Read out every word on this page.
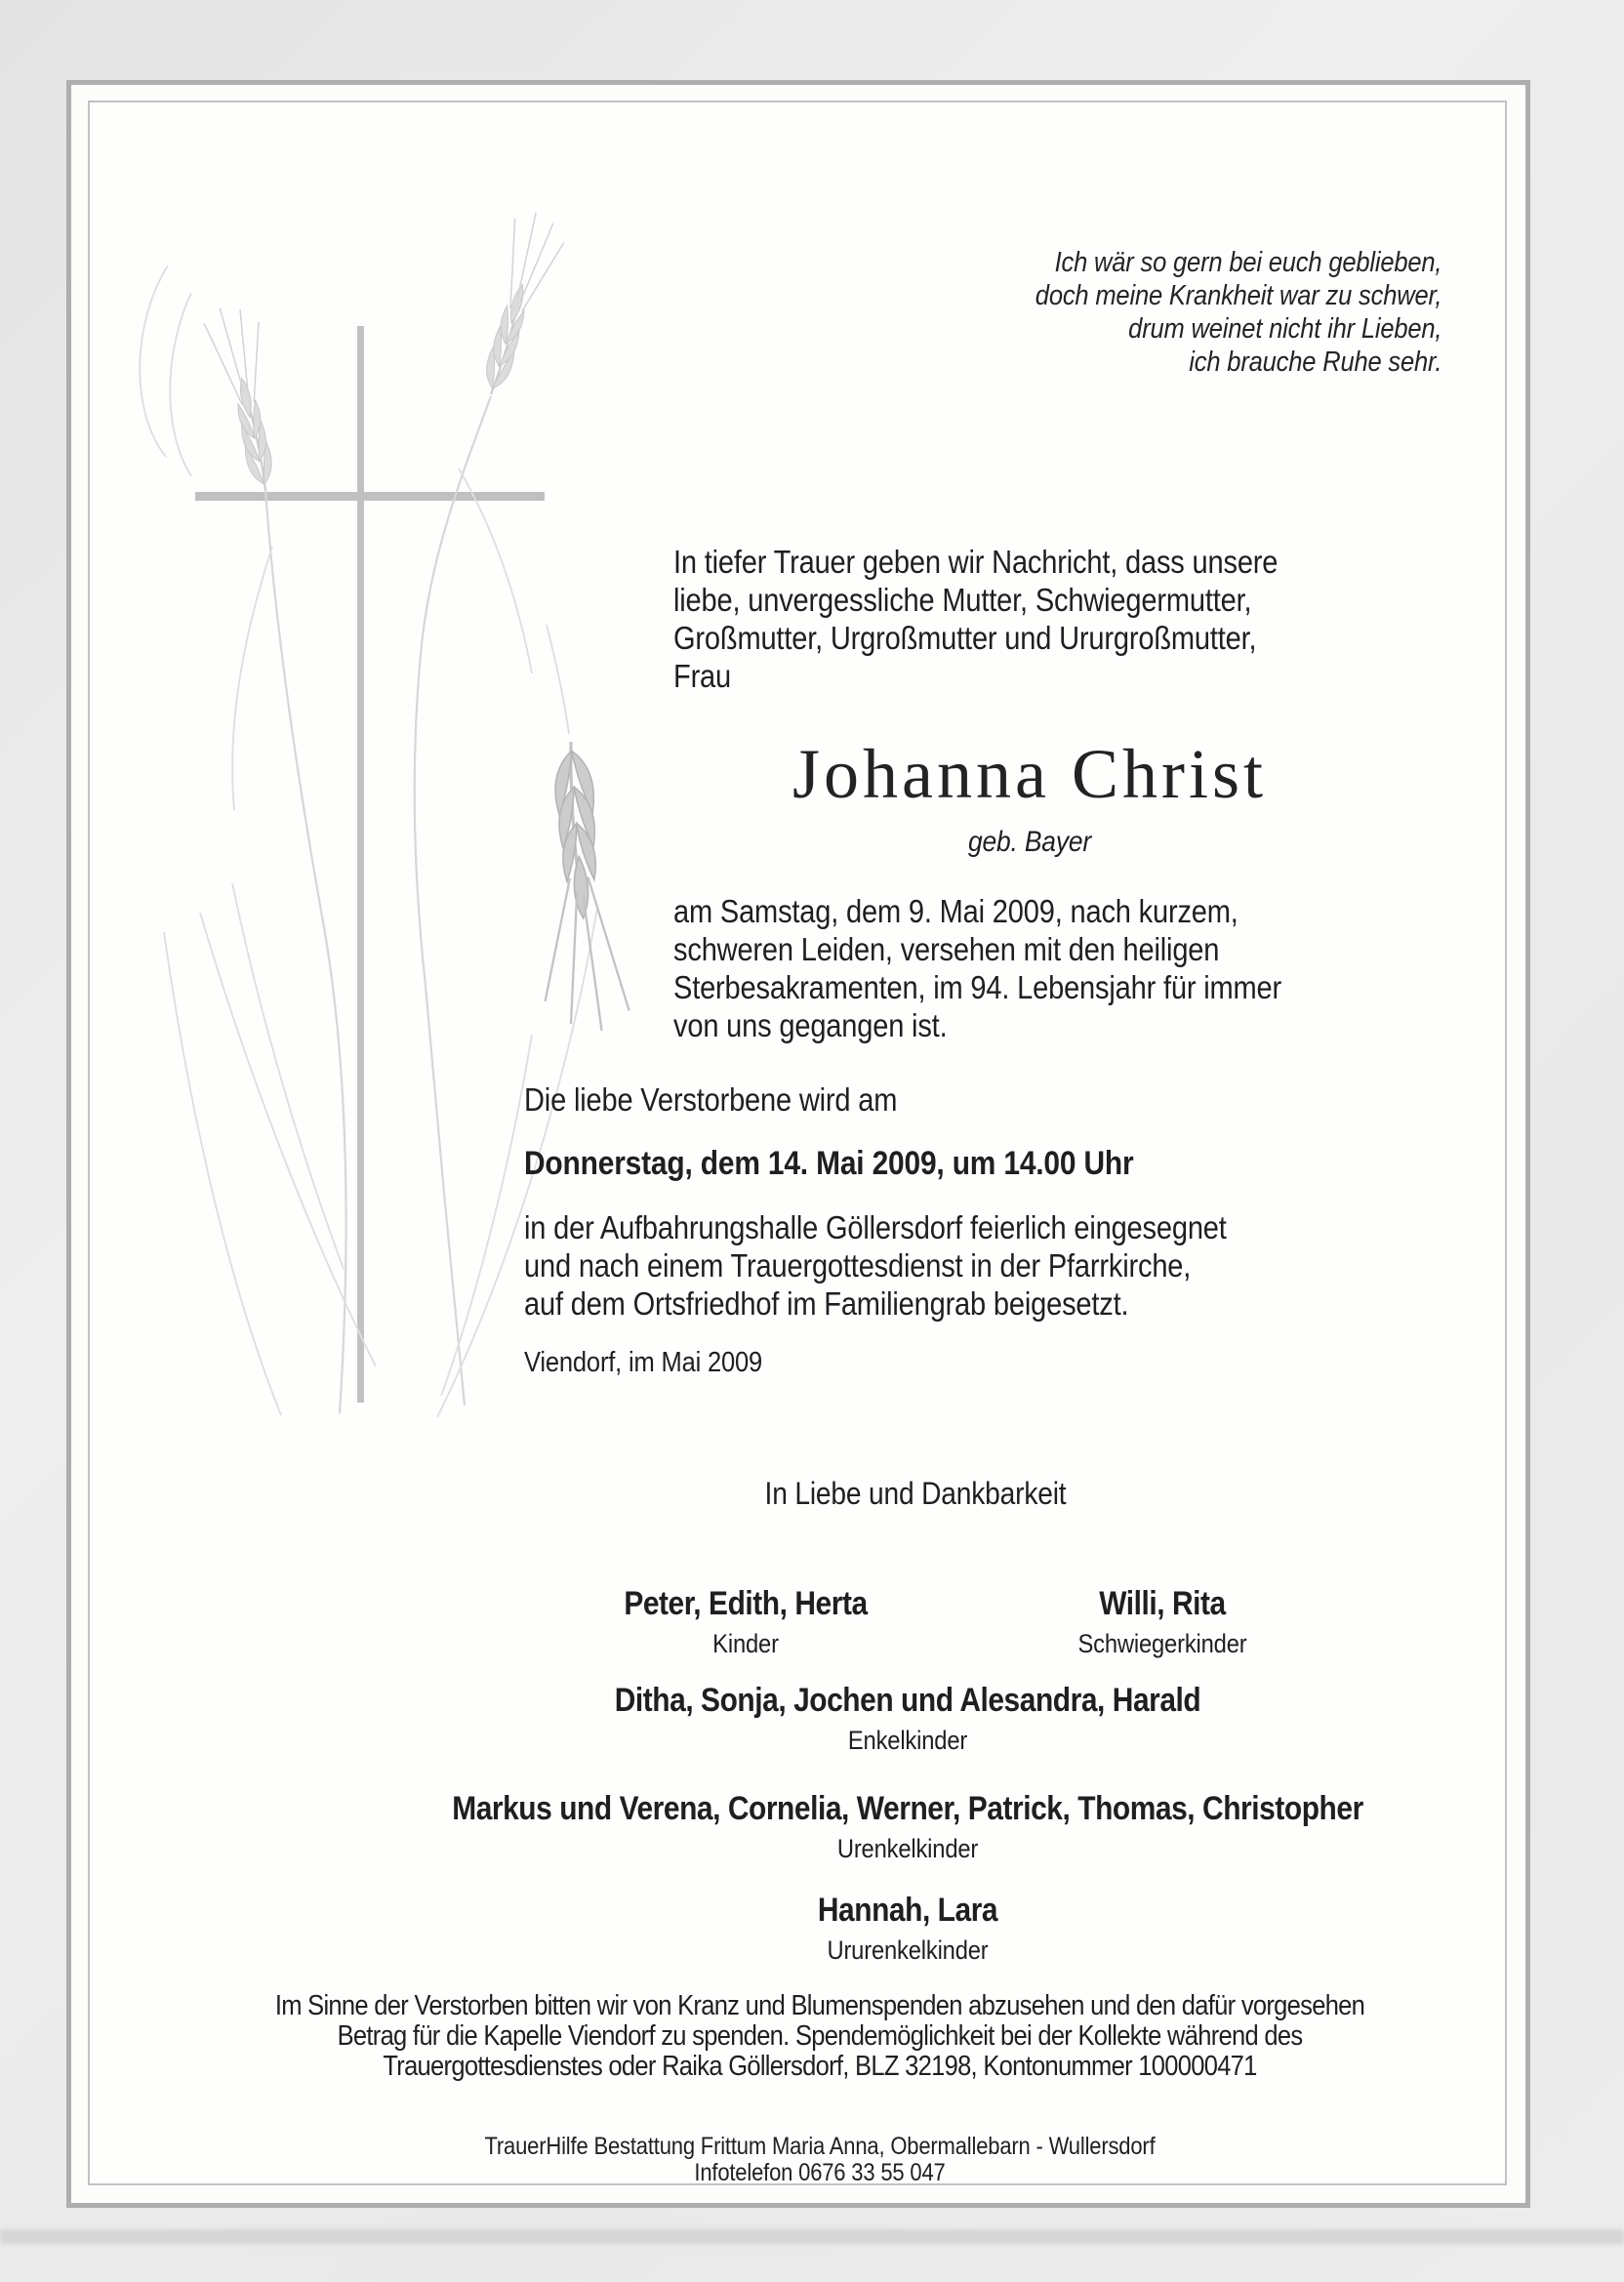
Ich wär so gern bei euch geblieben,
doch meine Krankheit war zu schwer,
drum weinet nicht ihr Lieben,
ich brauche Ruhe sehr.
In tiefer Trauer geben wir Nachricht, dass unsere
liebe, unvergessliche Mutter, Schwiegermutter,
Großmutter, Urgroßmutter und Ururgroßmutter,
Frau
Johanna Christ
geb. Bayer
am Samstag, dem 9. Mai 2009, nach kurzem,
schweren Leiden, versehen mit den heiligen
Sterbesakramenten, im 94. Lebensjahr für immer
von uns gegangen ist.
Die liebe Verstorbene wird am
Donnerstag, dem 14. Mai 2009, um 14.00 Uhr
in der Aufbahrungshalle Göllersdorf feierlich eingesegnet
und nach einem Trauergottesdienst in der Pfarrkirche,
auf dem Ortsfriedhof im Familiengrab beigesetzt.
Viendorf, im Mai 2009
In Liebe und Dankbarkeit
Peter, Edith, Herta
Kinder
Willi, Rita
Schwiegerkinder
Ditha, Sonja, Jochen und Alesandra, Harald
Enkelkinder
Markus und Verena, Cornelia, Werner, Patrick, Thomas, Christopher
Urenkelkinder
Hannah, Lara
Ururenkelkinder
Im Sinne der Verstorben bitten wir von Kranz und Blumenspenden abzusehen und den dafür vorgesehen
Betrag für die Kapelle Viendorf zu spenden. Spendemöglichkeit bei der Kollekte während des
Trauergottesdienstes oder Raika Göllersdorf, BLZ 32198, Kontonummer 100000471
TrauerHilfe Bestattung Frittum Maria Anna, Obermallebarn - Wullersdorf
Infotelefon 0676 33 55 047
